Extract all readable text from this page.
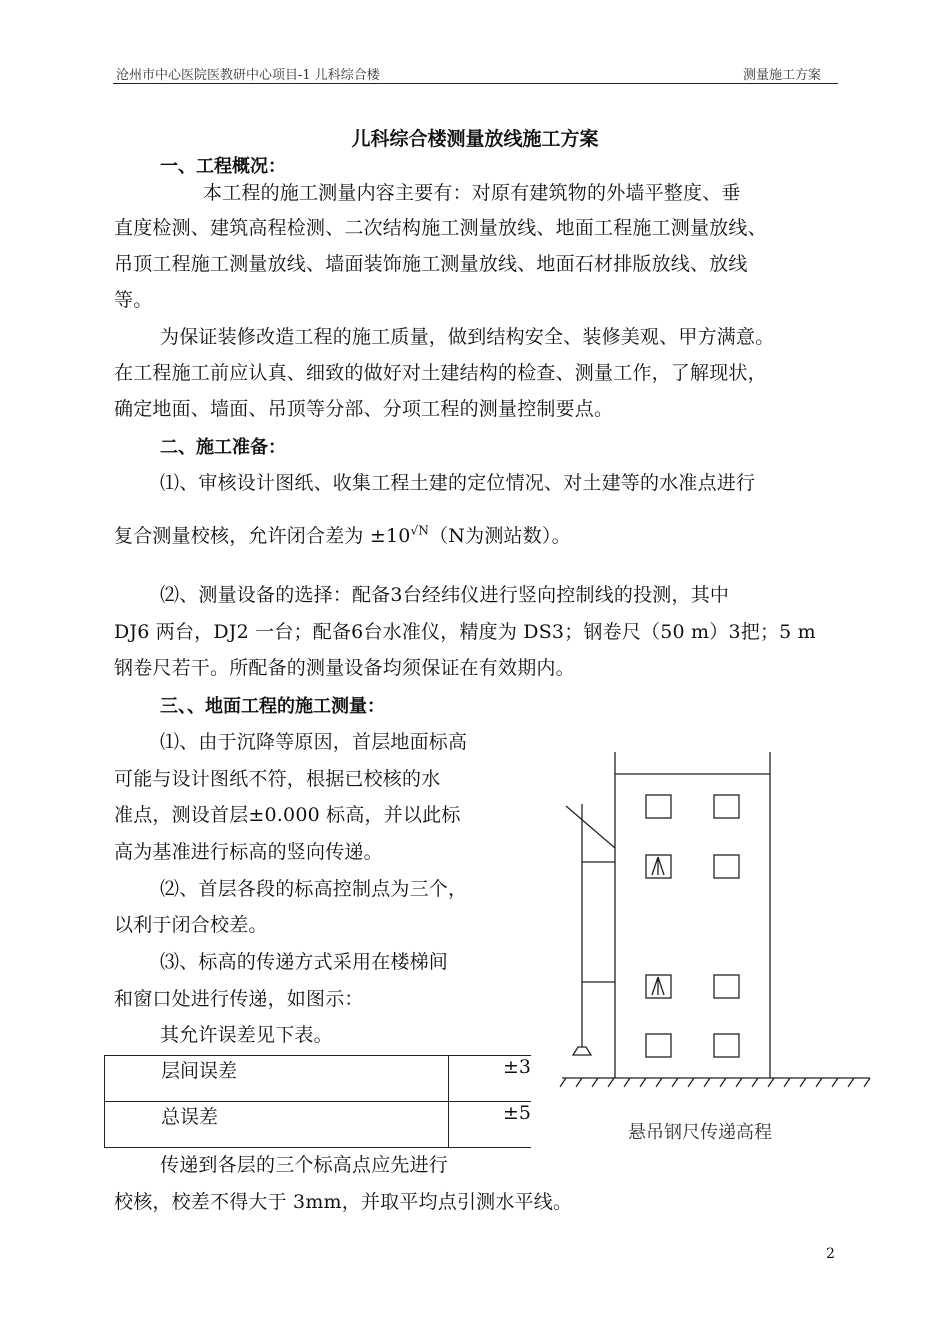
沧州市中心医院医教研中心项目-1 儿科综合楼	测量施工方案
儿科综合楼测量放线施工方案
一、工程概况：
本工程的施工测量内容主要有：对原有建筑物的外墙平整度、垂
直度检测、建筑高程检测、二次结构施工测量放线、地面工程施工测量放线、
吊顶工程施工测量放线、墙面装饰施工测量放线、地面石材排版放线、放线
等。
为保证装修改造工程的施工质量，做到结构安全、装修美观、甲方满意。
在工程施工前应认真、细致的做好对土建结构的检查、测量工作，了解现状，
确定地面、墙面、吊顶等分部、分项工程的测量控制要点。
二、施工准备：
⑴、审核设计图纸、收集工程土建的定位情况、对土建等的水准点进行
复合测量校核，允许闭合差为 $\pm 10^{√N}(N$为测站数）。
⑵、测量设备的选择：配备3台经纬仪进行竖向控制线的投测，其中
DJ6 两台，DJ2 一台；配备6台水准仪，精度为 DS3；钢卷尺（50 m）3把；5 m
钢卷尺若干。所配备的测量设备均须保证在有效期内。
三、、地面工程的施工测量：
⑴、由于沉降等原因，首层地面标高
可能与设计图纸不符，根据已校核的水
准点，测设首层±0.000 标高，并以此标
高为基准进行标高的竖向传递。
⑵、首层各段的标高控制点为三个，
以利于闭合校差。
⑶、标高的传递方式采用在楼梯间
和窗口处进行传递，如图示：
其允许误差见下表。
层间误差	±3
总误差	±5
传递到各层的三个标高点应先进行
校核，校差不得大于 3mm，并取平均点引测水平线。
悬吊钢尺传递高程
2
